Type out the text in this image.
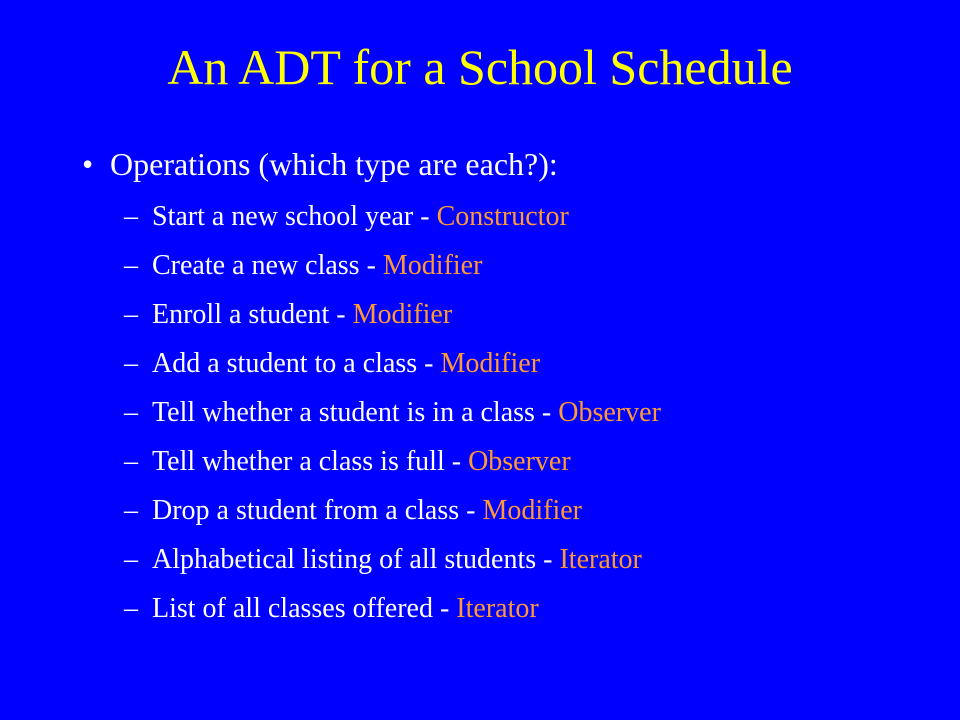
An ADT for a School Schedule
• Operations (which type are each?):
– Start a new school year - Constructor
– Create a new class - Modifier
– Enroll a student - Modifier
– Add a student to a class - Modifier
– Tell whether a student is in a class - Observer
– Tell whether a class is full - Observer
– Drop a student from a class - Modifier
– Alphabetical listing of all students - Iterator
– List of all classes offered - Iterator
